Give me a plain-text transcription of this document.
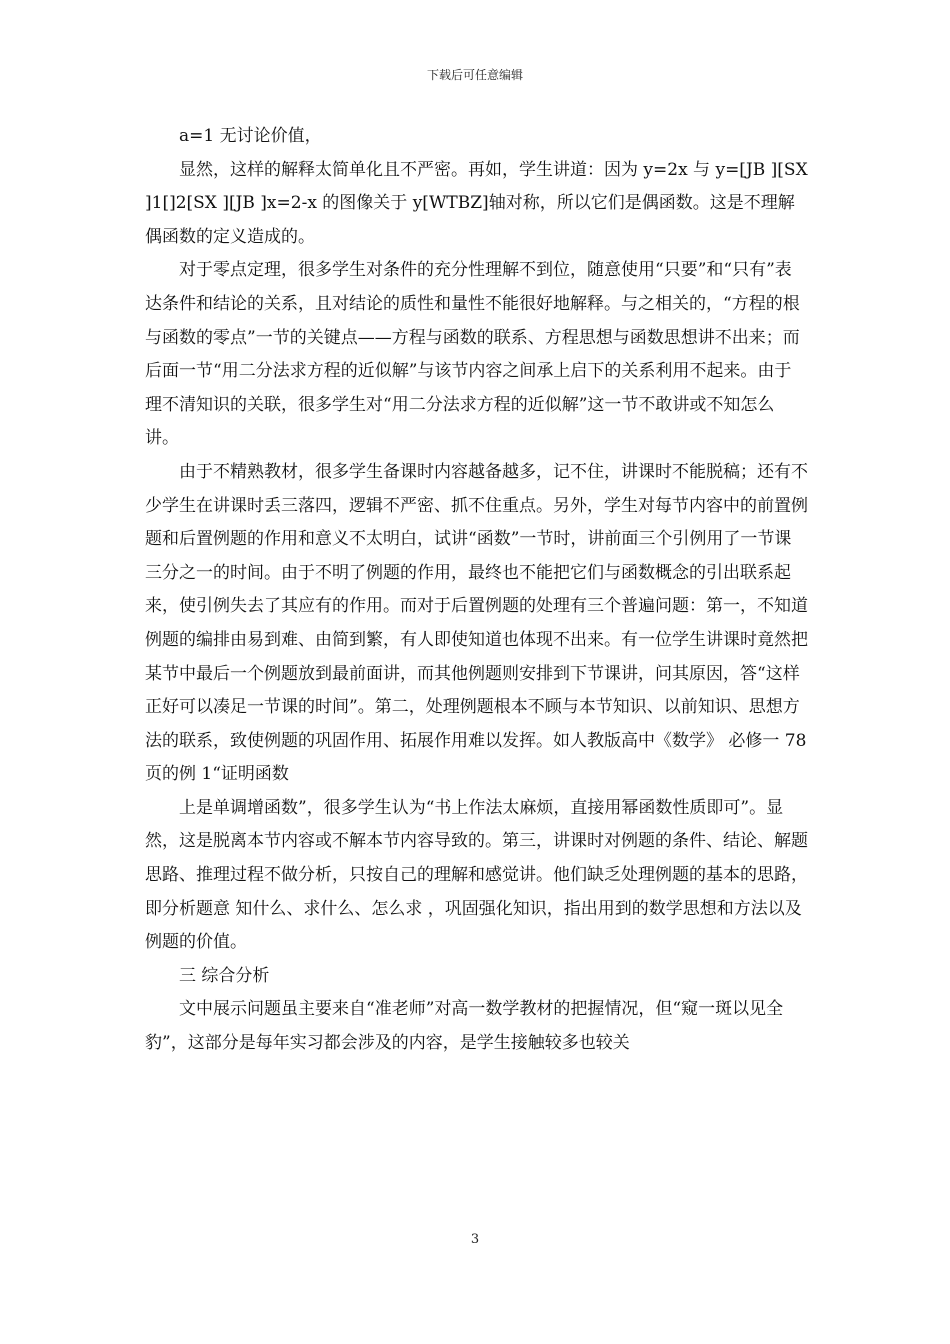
下载后可任意编辑

a=1 无讨论价值，

显然，这样的解释太简单化且不严密。再如，学生讲道：因为 y=2x 与 y=[JB ][SX ]1[]2[SX ][JB ]x=2-x 的图像关于 y[WTBZ]轴对称，所以它们是偶函数。这是不理解偶函数的定义造成的。

对于零点定理，很多学生对条件的充分性理解不到位，随意使用“只要”和“只有”表达条件和结论的关系，且对结论的质性和量性不能很好地解释。与之相关的，“方程的根与函数的零点”一节的关键点——方程与函数的联系、方程思想与函数思想讲不出来；而后面一节“用二分法求方程的近似解”与该节内容之间承上启下的关系利用不起来。由于理不清知识的关联，很多学生对“用二分法求方程的近似解”这一节不敢讲或不知怎么讲。

由于不精熟教材，很多学生备课时内容越备越多，记不住，讲课时不能脱稿；还有不少学生在讲课时丢三落四，逻辑不严密、抓不住重点。另外，学生对每节内容中的前置例题和后置例题的作用和意义不太明白，试讲“函数”一节时，讲前面三个引例用了一节课三分之一的时间。由于不明了例题的作用，最终也不能把它们与函数概念的引出联系起来，使引例失去了其应有的作用。而对于后置例题的处理有三个普遍问题：第一，不知道例题的编排由易到难、由简到繁，有人即使知道也体现不出来。有一位学生讲课时竟然把某节中最后一个例题放到最前面讲，而其他例题则安排到下节课讲，问其原因，答“这样正好可以凑足一节课的时间”。第二，处理例题根本不顾与本节知识、以前知识、思想方法的联系，致使例题的巩固作用、拓展作用难以发挥。如人教版高中《数学》 必修一 78 页的例 1“证明函数

上是单调增函数”，很多学生认为“书上作法太麻烦，直接用幂函数性质即可”。显然，这是脱离本节内容或不解本节内容导致的。第三，讲课时对例题的条件、结论、解题思路、推理过程不做分析，只按自己的理解和感觉讲。他们缺乏处理例题的基本的思路，即分析题意 知什么、求什么、怎么求 ，巩固强化知识，指出用到的数学思想和方法以及例题的价值。

三 综合分析

文中展示问题虽主要来自“准老师”对高一数学教材的把握情况，但“窥一斑以见全豹”，这部分是每年实习都会涉及的内容，是学生接触较多也较关

3
